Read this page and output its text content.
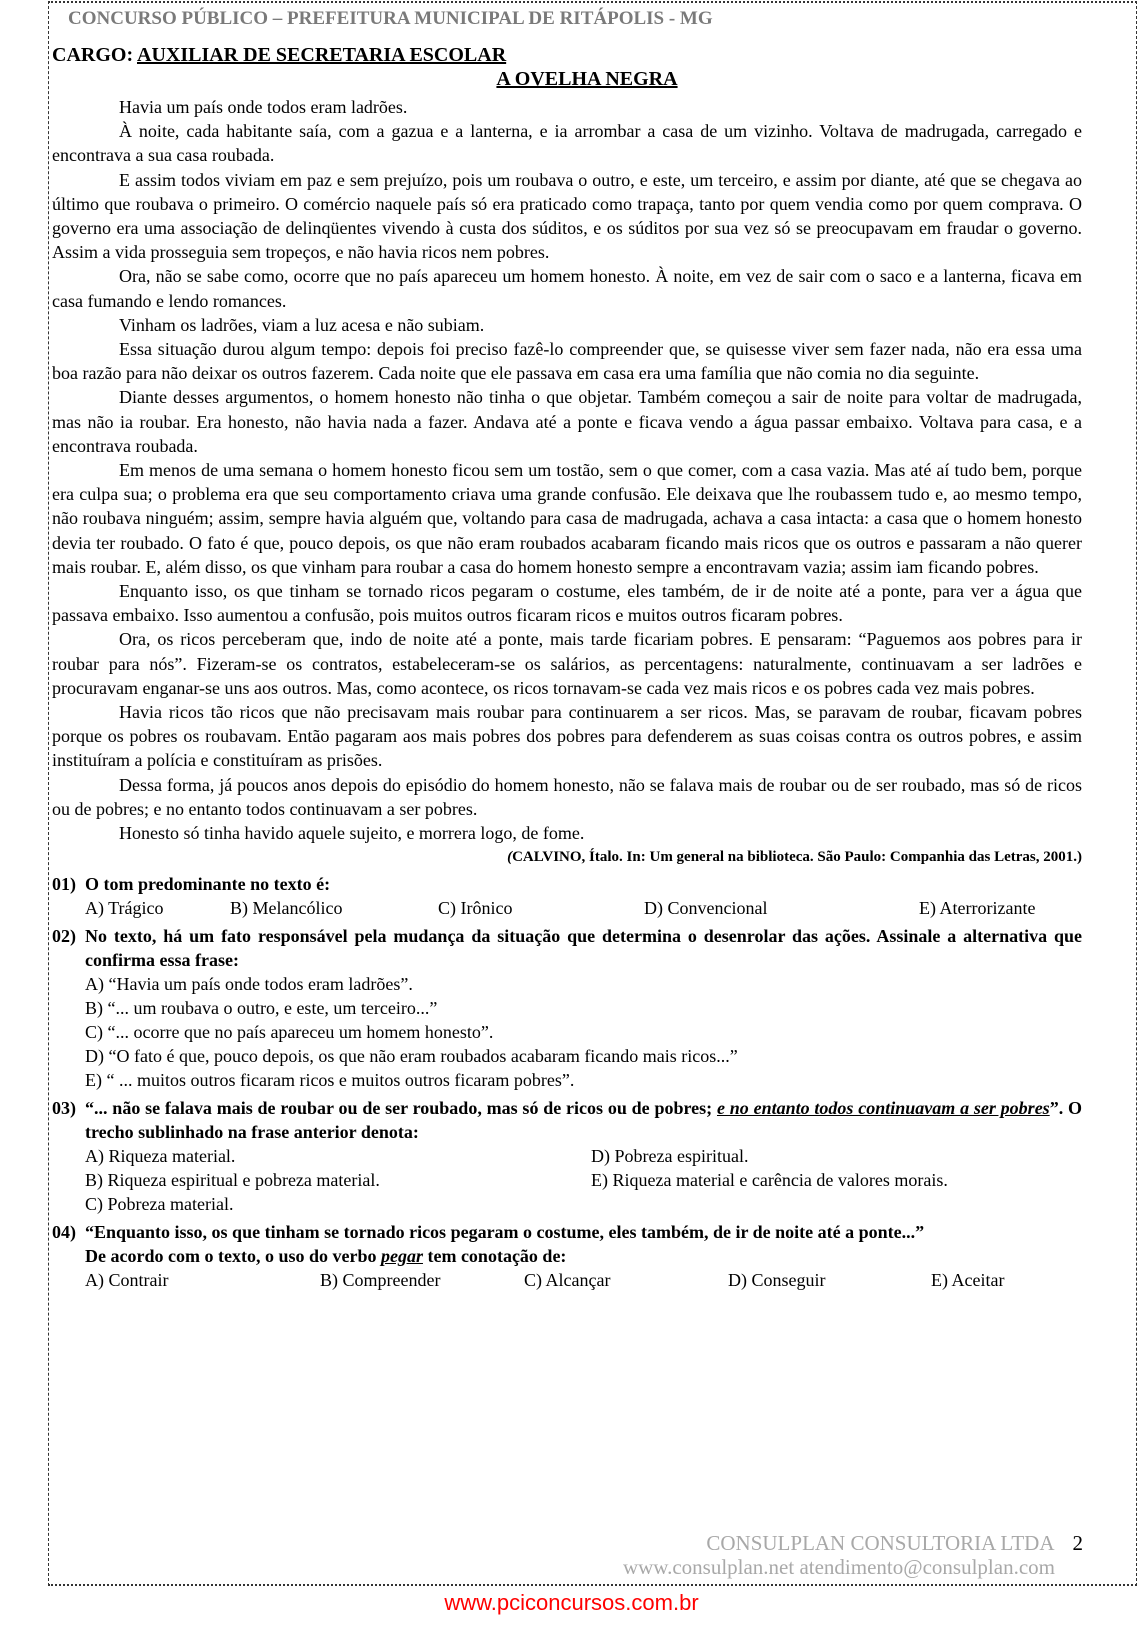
CONCURSO PÚBLICO – PREFEITURA MUNICIPAL DE RITÁPOLIS - MG
CARGO: AUXILIAR DE SECRETARIA ESCOLAR
A OVELHA NEGRA

Havia um país onde todos eram ladrões.

À noite, cada habitante saía, com a gazua e a lanterna, e ia arrombar a casa de um vizinho. Voltava de madrugada, carregado e encontrava a sua casa roubada.

E assim todos viviam em paz e sem prejuízo, pois um roubava o outro, e este, um terceiro, e assim por diante, até que se chegava ao último que roubava o primeiro. O comércio naquele país só era praticado como trapaça, tanto por quem vendia como por quem comprava. O governo era uma associação de delinqüentes vivendo à custa dos súditos, e os súditos por sua vez só se preocupavam em fraudar o governo. Assim a vida prosseguia sem tropeços, e não havia ricos nem pobres.

Ora, não se sabe como, ocorre que no país apareceu um homem honesto. À noite, em vez de sair com o saco e a lanterna, ficava em casa fumando e lendo romances.

Vinham os ladrões, viam a luz acesa e não subiam.

Essa situação durou algum tempo: depois foi preciso fazê-lo compreender que, se quisesse viver sem fazer nada, não era essa uma boa razão para não deixar os outros fazerem. Cada noite que ele passava em casa era uma família que não comia no dia seguinte.

Diante desses argumentos, o homem honesto não tinha o que objetar. Também começou a sair de noite para voltar de madrugada, mas não ia roubar. Era honesto, não havia nada a fazer. Andava até a ponte e ficava vendo a água passar embaixo. Voltava para casa, e a encontrava roubada.

Em menos de uma semana o homem honesto ficou sem um tostão, sem o que comer, com a casa vazia. Mas até aí tudo bem, porque era culpa sua; o problema era que seu comportamento criava uma grande confusão. Ele deixava que lhe roubassem tudo e, ao mesmo tempo, não roubava ninguém; assim, sempre havia alguém que, voltando para casa de madrugada, achava a casa intacta: a casa que o homem honesto devia ter roubado. O fato é que, pouco depois, os que não eram roubados acabaram ficando mais ricos que os outros e passaram a não querer mais roubar. E, além disso, os que vinham para roubar a casa do homem honesto sempre a encontravam vazia; assim iam ficando pobres.

Enquanto isso, os que tinham se tornado ricos pegaram o costume, eles também, de ir de noite até a ponte, para ver a água que passava embaixo. Isso aumentou a confusão, pois muitos outros ficaram ricos e muitos outros ficaram pobres.

Ora, os ricos perceberam que, indo de noite até a ponte, mais tarde ficariam pobres. E pensaram: “Paguemos aos pobres para ir roubar para nós”. Fizeram-se os contratos, estabeleceram-se os salários, as percentagens: naturalmente, continuavam a ser ladrões e procuravam enganar-se uns aos outros. Mas, como acontece, os ricos tornavam-se cada vez mais ricos e os pobres cada vez mais pobres.

Havia ricos tão ricos que não precisavam mais roubar para continuarem a ser ricos. Mas, se paravam de roubar, ficavam pobres porque os pobres os roubavam. Então pagaram aos mais pobres dos pobres para defenderem as suas coisas contra os outros pobres, e assim instituíram a polícia e constituíram as prisões.

Dessa forma, já poucos anos depois do episódio do homem honesto, não se falava mais de roubar ou de ser roubado, mas só de ricos ou de pobres; e no entanto todos continuavam a ser pobres.

Honesto só tinha havido aquele sujeito, e morrera logo, de fome.

(CALVINO, Ítalo. In: Um general na biblioteca. São Paulo: Companhia das Letras, 2001.)
01) O tom predominante no texto é:
A) Trágico	B) Melancólico	C) Irônico	D) Convencional	E) Aterrorizante
02) No texto, há um fato responsável pela mudança da situação que determina o desenrolar das ações. Assinale a alternativa que confirma essa frase:
A) “Havia um país onde todos eram ladrões”.
B) “... um roubava o outro, e este, um terceiro...”
C) “... ocorre que no país apareceu um homem honesto”.
D) “O fato é que, pouco depois, os que não eram roubados acabaram ficando mais ricos...”
E) “ ... muitos outros ficaram ricos e muitos outros ficaram pobres”.
03) “... não se falava mais de roubar ou de ser roubado, mas só de ricos ou de pobres; e no entanto todos continuavam a ser pobres”. O trecho sublinhado na frase anterior denota:
A) Riqueza material.	D) Pobreza espiritual.
B) Riqueza espiritual e pobreza material.	E) Riqueza material e carência de valores morais.
C) Pobreza material.
04) “Enquanto isso, os que tinham se tornado ricos pegaram o costume, eles também, de ir de noite até a ponte...”
De acordo com o texto, o uso do verbo pegar tem conotação de:
A) Contrair	B) Compreender	C) Alcançar	D) Conseguir	E) Aceitar
CONSULPLAN CONSULTORIA LTDA 2
www.consulplan.net atendimento@consulplan.com
www.pciconcursos.com.br
